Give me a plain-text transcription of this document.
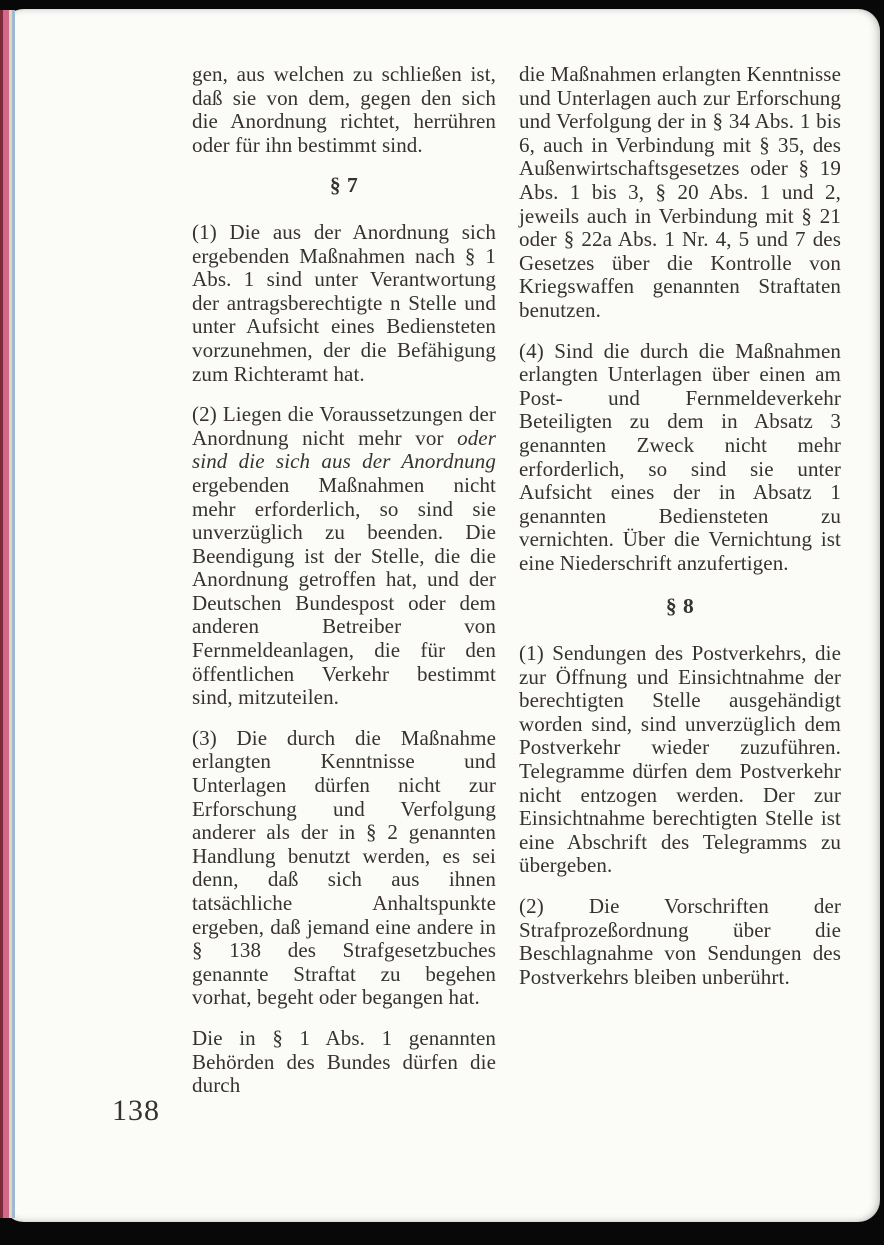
138

gen, aus welchen zu schließen ist, daß sie von dem, gegen den sich die Anordnung richtet, herrühren oder für ihn bestimmt sind.

§ 7

(1) Die aus der Anordnung sich ergebenden Maßnahmen nach § 1 Abs. 1 sind unter Verantwortung der antragsberechtigte n Stelle und unter Aufsicht eines Bediensteten vorzunehmen, der die Befähigung zum Richteramt hat.

(2) Liegen die Voraussetzungen der Anordnung nicht mehr vor oder sind die sich aus der Anordnung ergebenden Maßnahmen nicht mehr erforderlich, so sind sie unverzüglich zu beenden. Die Beendigung ist der Stelle, die die Anordnung getroffen hat, und der Deutschen Bundespost oder dem anderen Betreiber von Fernmeldeanlagen, die für den öffentlichen Verkehr bestimmt sind, mitzuteilen.

(3) Die durch die Maßnahme erlangten Kenntnisse und Unterlagen dürfen nicht zur Erforschung und Verfolgung anderer als der in § 2 genannten Handlung benutzt werden, es sei denn, daß sich aus ihnen tatsächliche Anhaltspunkte ergeben, daß jemand eine andere in § 138 des Strafgesetzbuches genannte Straftat zu begehen vorhat, begeht oder begangen hat.

Die in § 1 Abs. 1 genannten Behörden des Bundes dürfen die durch

die Maßnahmen erlangten Kenntnisse und Unterlagen auch zur Erforschung und Verfolgung der in § 34 Abs. 1 bis 6, auch in Verbindung mit § 35, des Außenwirtschaftsgesetzes oder § 19 Abs. 1 bis 3, § 20 Abs. 1 und 2, jeweils auch in Verbindung mit § 21 oder § 22a Abs. 1 Nr. 4, 5 und 7 des Gesetzes über die Kontrolle von Kriegswaffen genannten Straftaten benutzen.

(4) Sind die durch die Maßnahmen erlangten Unterlagen über einen am Post- und Fernmeldeverkehr Beteiligten zu dem in Absatz 3 genannten Zweck nicht mehr erforderlich, so sind sie unter Aufsicht eines der in Absatz 1 genannten Bediensteten zu vernichten. Über die Vernichtung ist eine Niederschrift anzufertigen.

§ 8

(1) Sendungen des Postverkehrs, die zur Öffnung und Einsichtnahme der berechtigten Stelle ausgehändigt worden sind, sind unverzüglich dem Postverkehr wieder zuzuführen. Telegramme dürfen dem Postverkehr nicht entzogen werden. Der zur Einsichtnahme berechtigten Stelle ist eine Abschrift des Telegramms zu übergeben.

(2) Die Vorschriften der Strafprozeßordnung über die Beschlagnahme von Sendungen des Postverkehrs bleiben unberührt.
